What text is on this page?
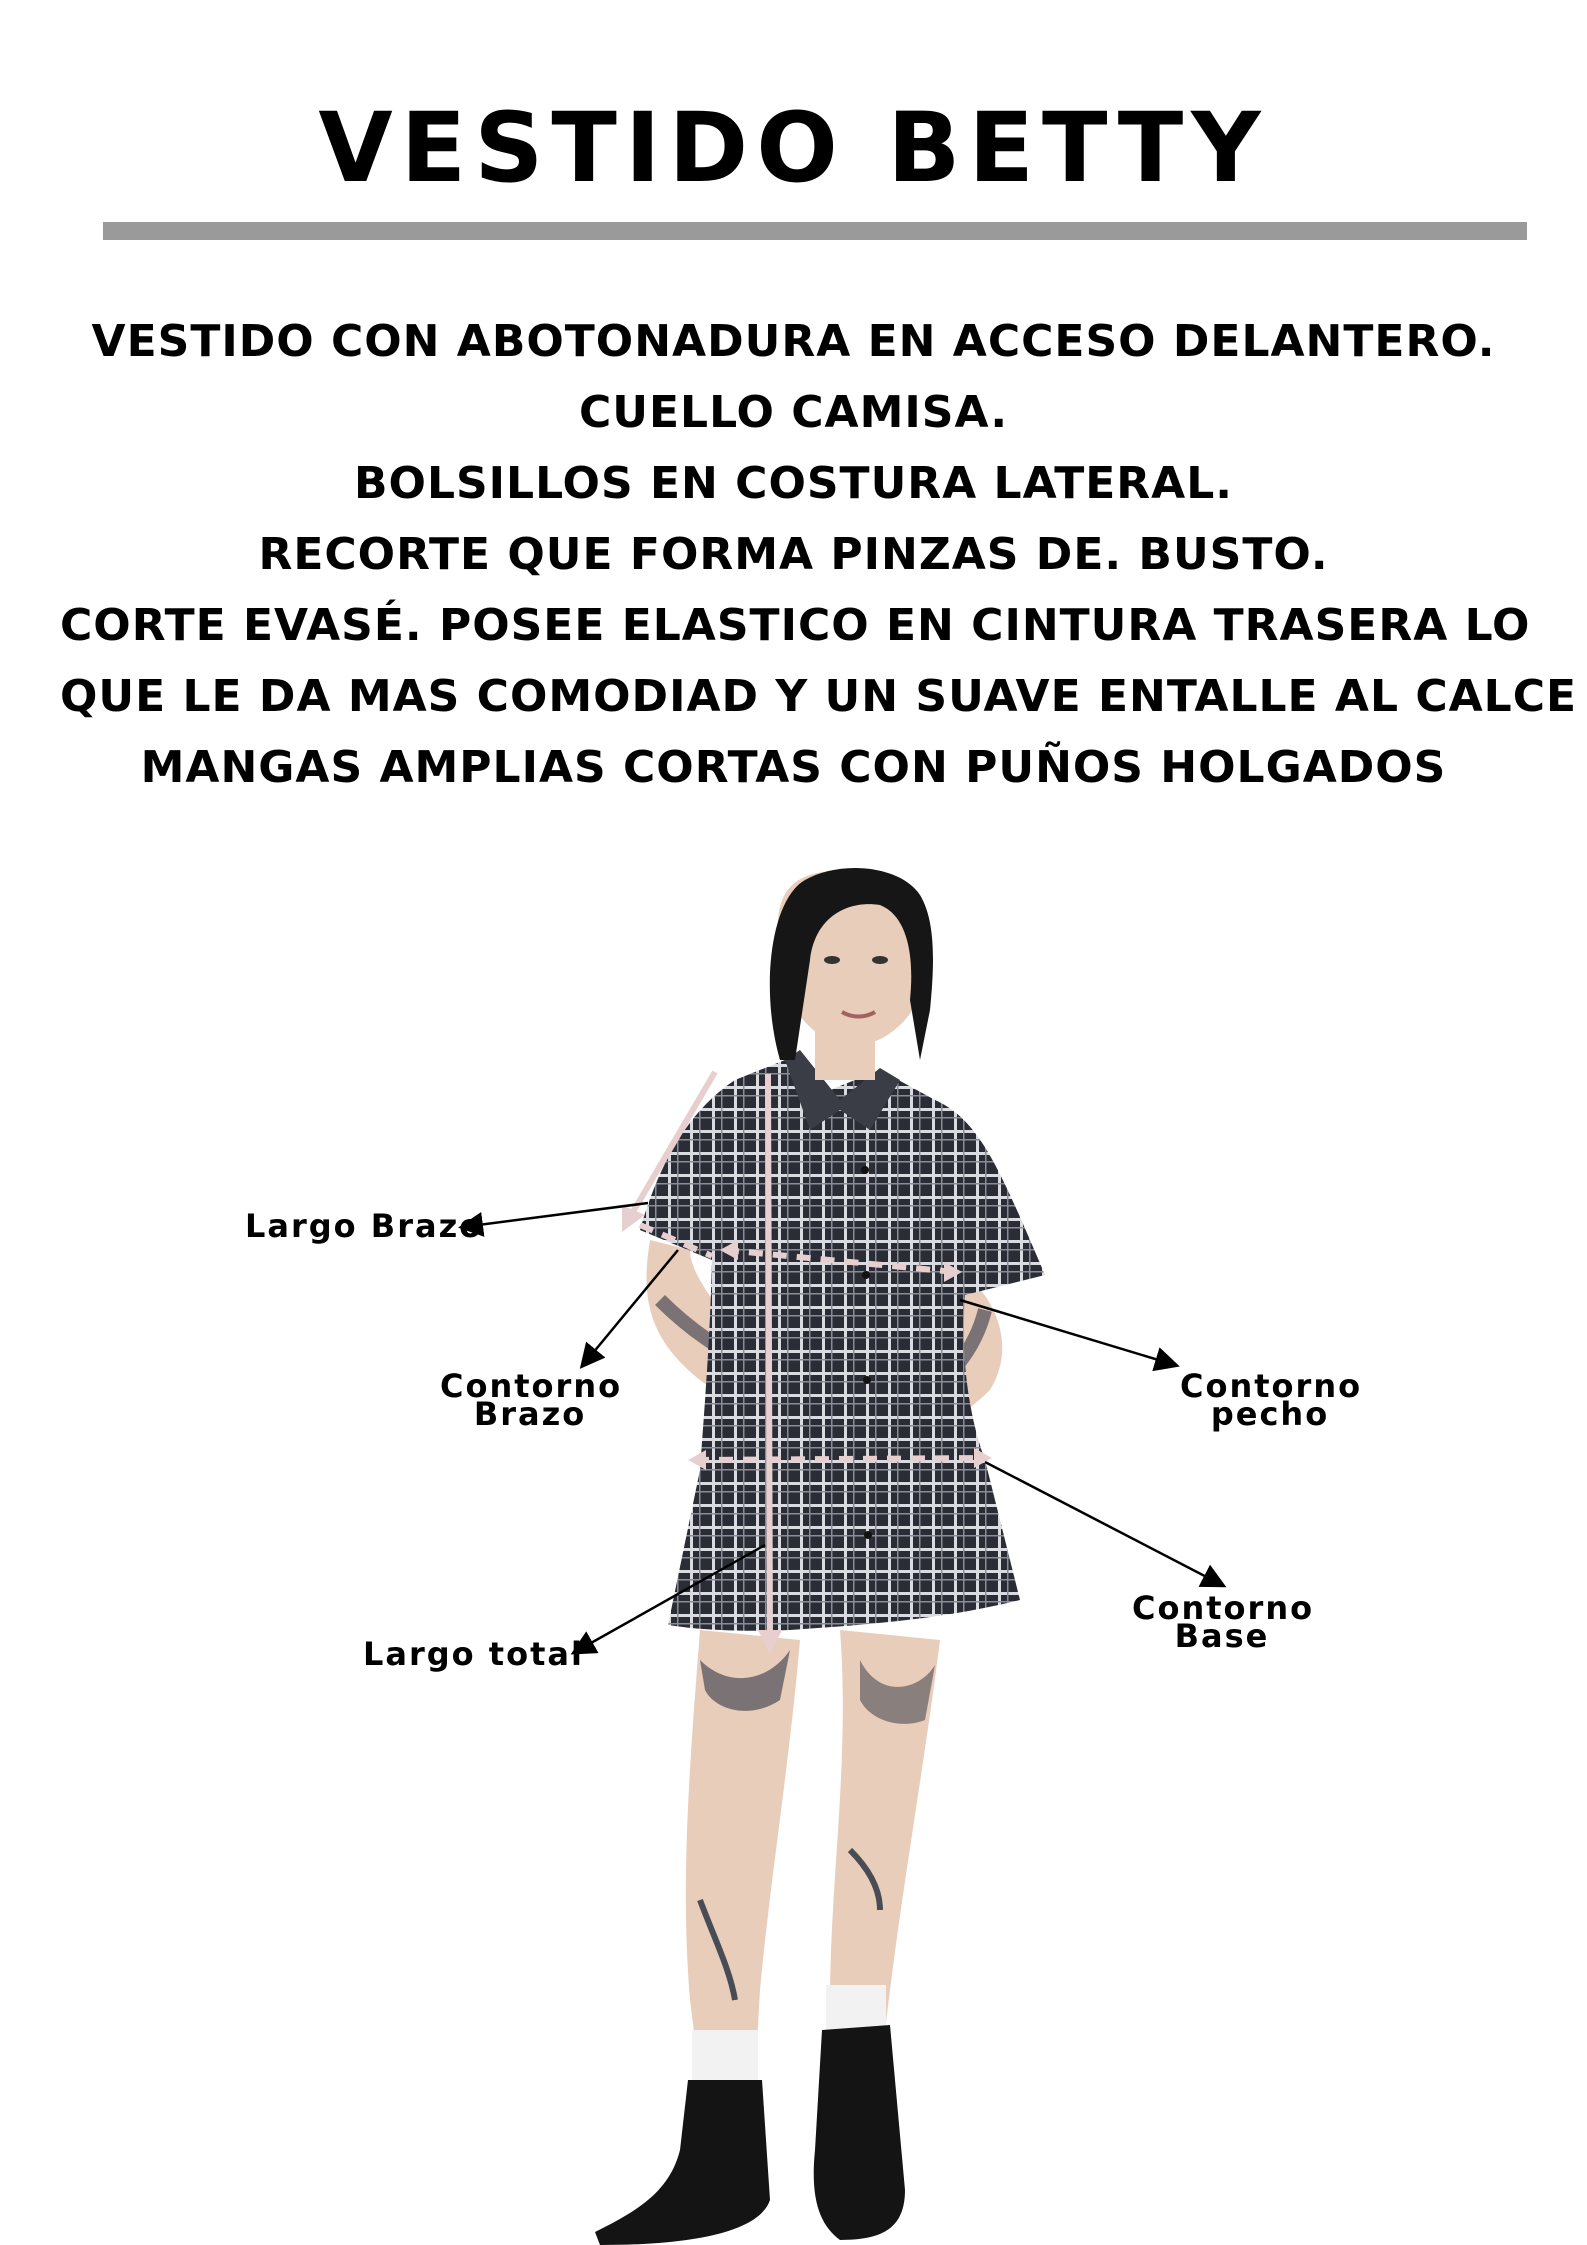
VESTIDO BETTY
VESTIDO CON ABOTONADURA EN ACCESO DELANTERO.
CUELLO CAMISA.
BOLSILLOS EN COSTURA LATERAL.
RECORTE QUE FORMA PINZAS DE. BUSTO.
CORTE EVASÉ. POSEE ELASTICO EN CINTURA TRASERA LO
QUE LE DA MAS COMODIAD Y UN SUAVE ENTALLE AL CALCE
MANGAS AMPLIAS CORTAS CON PUÑOS HOLGADOS
Largo Brazo
Contorno
Brazo
Contorno
pecho
Contorno
Base
Largo total
